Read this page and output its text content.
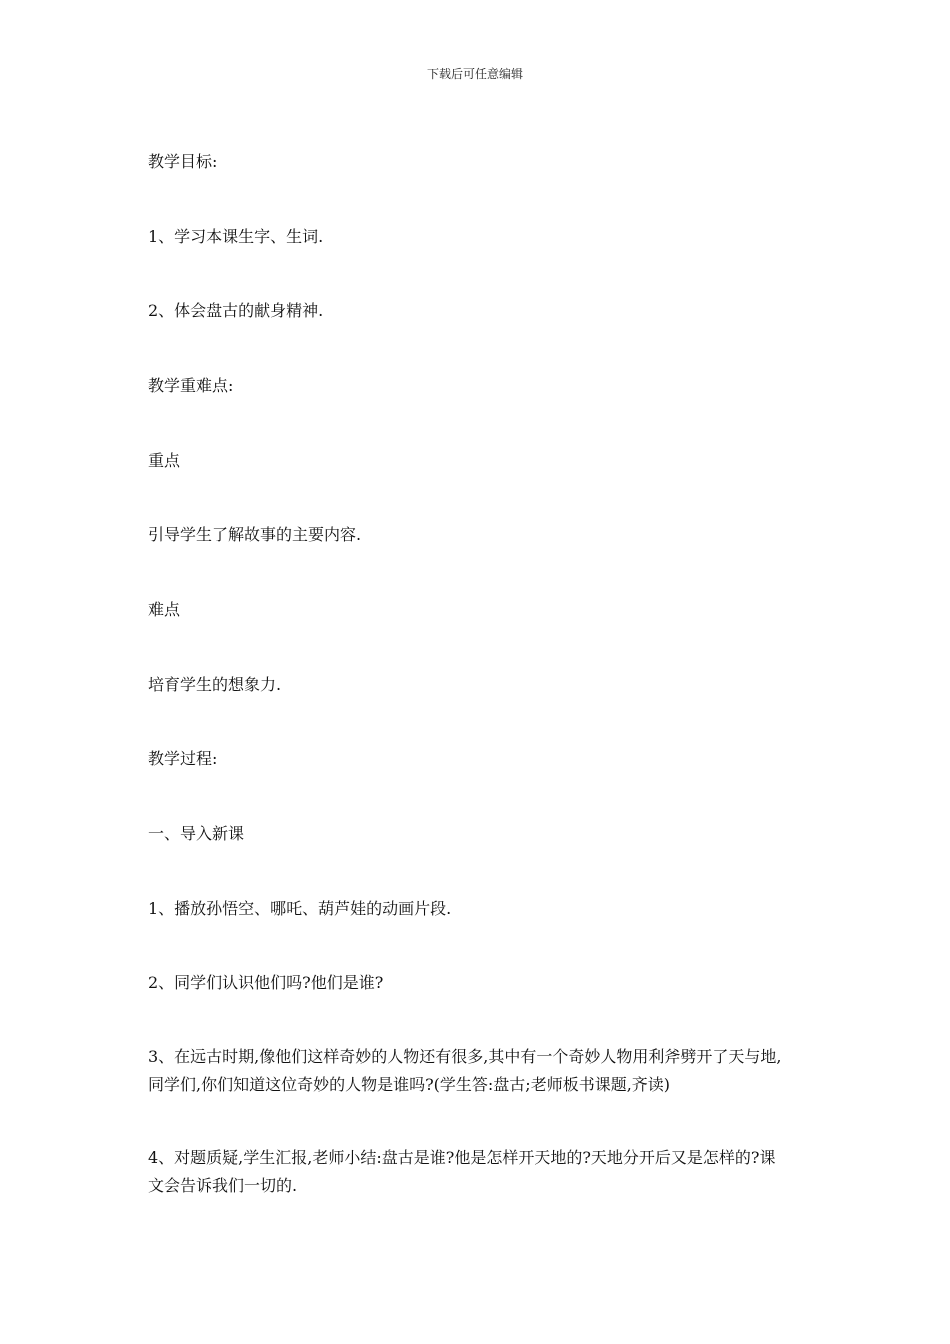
下载后可任意编辑
教学目标:
1、学习本课生字、生词.
2、体会盘古的献身精神.
教学重难点:
重点
引导学生了解故事的主要内容.
难点
培育学生的想象力.
教学过程:
一、导入新课
1、播放孙悟空、哪吒、葫芦娃的动画片段.
2、同学们认识他们吗?他们是谁?
3、在远古时期,像他们这样奇妙的人物还有很多,其中有一个奇妙人物用利斧劈开了天与地,
同学们,你们知道这位奇妙的人物是谁吗?(学生答:盘古;老师板书课题,齐读)
4、对题质疑,学生汇报,老师小结:盘古是谁?他是怎样开天地的?天地分开后又是怎样的?课
文会告诉我们一切的.
